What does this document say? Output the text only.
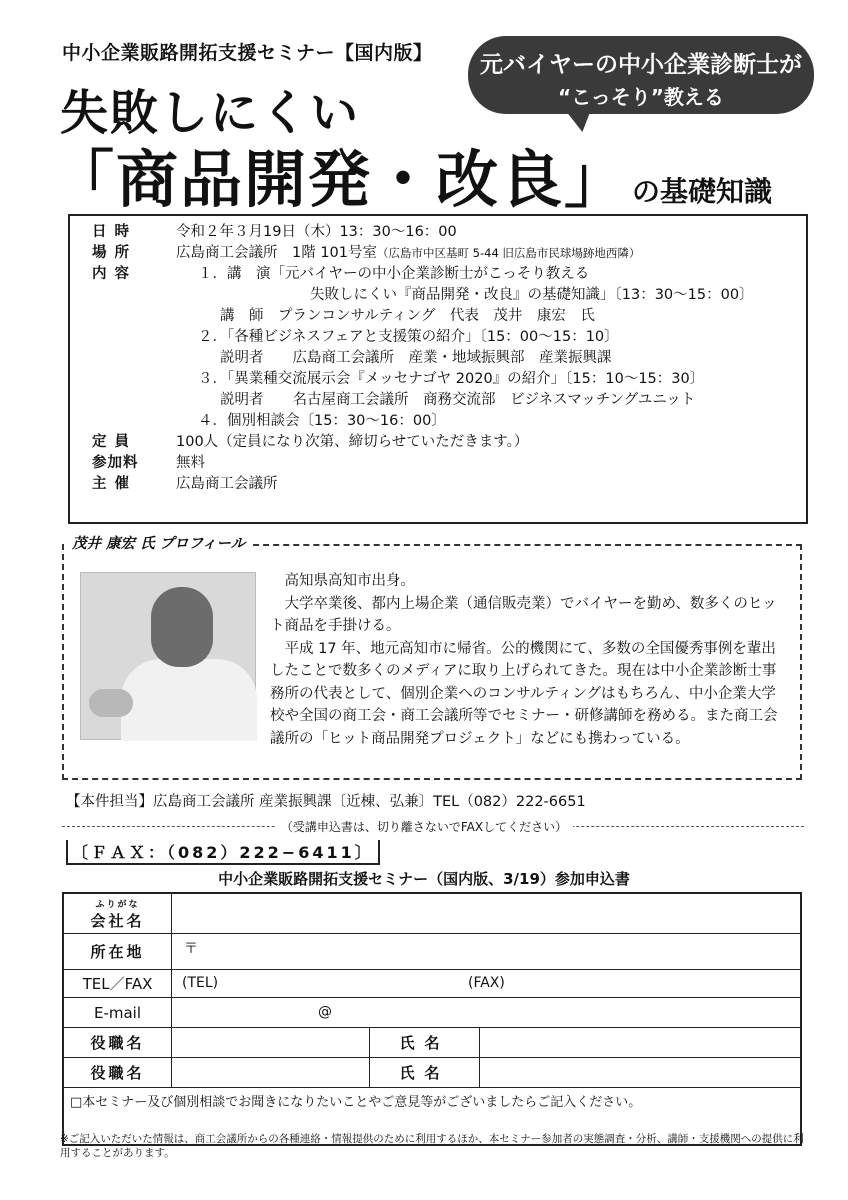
中小企業販路開拓支援セミナー【国内版】	元バイヤーの中小企業診断士が
“こっそり”教える
失敗しにくい
「商品開発・改良」 の基礎知識
日時	令和２年３月19日（木）13：30〜16：00
場所	広島商工会議所　1階 101号室（広島市中区基町 5-44 旧広島市民球場跡地西隣）
内容	１．講　演「元バイヤーの中小企業診断士がこっそり教える
失敗しにくい『商品開発・改良』の基礎知識」〔13：30〜15：00〕
講　師　プランコンサルティング　代表　茂井　康宏　氏
２．「各種ビジネスフェアと支援策の紹介」〔15：00〜15：10〕
説明者　　広島商工会議所　産業・地域振興部　産業振興課
３．「異業種交流展示会『メッセナゴヤ 2020』の紹介」〔15：10〜15：30〕
説明者　　名古屋商工会議所　商務交流部　ビジネスマッチングユニット
４．個別相談会〔15：30〜16：00〕
定員	100人（定員になり次第、締切らせていただきます。）
参加料	無料
主催	広島商工会議所
茂井 康宏 氏 プロフィール

高知県高知市出身。

大学卒業後、都内上場企業（通信販売業）でバイヤーを勤め、数多くのヒット商品を手掛ける。

平成 17 年、地元高知市に帰省。公的機関にて、多数の全国優秀事例を輩出したことで数多くのメディアに取り上げられてきた。現在は中小企業診断士事務所の代表として、個別企業へのコンサルティングはもちろん、中小企業大学校や全国の商工会・商工会議所等でセミナー・研修講師を務める。また商工会議所の「ヒット商品開発プロジェクト」などにも携わっている。

【本件担当】広島商工会議所 産業振興課〔近棟、弘兼〕TEL（082）222-6651
（受講申込書は、切り離さないでFAXしてください）
〔ＦＡＸ：（082）222−6411〕
中小企業販路開拓支援セミナー（国内版、3/19）参加申込書
ふりがな
会社名
所在地	〒
TEL／FAX	(TEL)	(FAX)
E-mail	@
役職名	氏名
役職名	氏名
□本セミナー及び個別相談でお聞きになりたいことやご意見等がございましたらご記入ください。
※ご記入いただいた情報は、商工会議所からの各種連絡・情報提供のために利用するほか、本セミナー参加者の実態調査・分析、講師・支援機関への提供に利用することがあります。
